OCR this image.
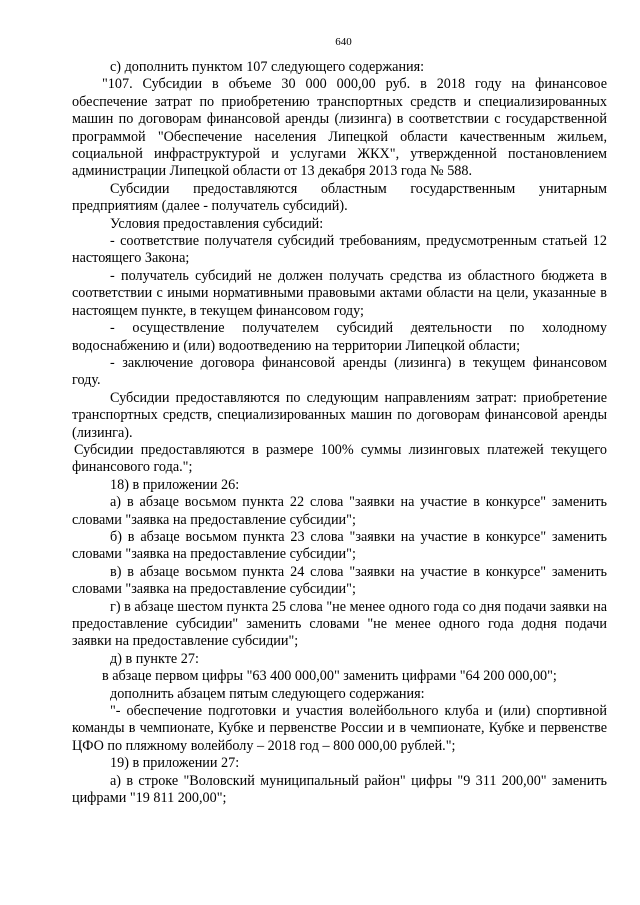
640

с) дополнить пунктом 107 следующего содержания:

"107. Субсидии в объеме 30 000 000,00 руб. в 2018 году на финансовое обеспечение затрат по приобретению транспортных средств и специализированных машин по договорам финансовой аренды (лизинга) в соответствии с государственной программой "Обеспечение населения Липецкой области качественным жильем, социальной инфраструктурой и услугами ЖКХ", утвержденной постановлением администрации Липецкой области от 13 декабря 2013 года № 588.

Субсидии предоставляются областным государственным унитарным предприятиям (далее - получатель субсидий).

Условия предоставления субсидий:

- соответствие получателя субсидий требованиям, предусмотренным статьей 12 настоящего Закона;

- получатель субсидий не должен получать средства из областного бюджета в соответствии с иными нормативными правовыми актами области на цели, указанные в настоящем пункте, в текущем финансовом году;

- осуществление получателем субсидий деятельности по холодному водоснабжению и (или) водоотведению на территории Липецкой области;

- заключение договора финансовой аренды (лизинга) в текущем финансовом году.

Субсидии предоставляются по следующим направлениям затрат: приобретение транспортных средств, специализированных машин по договорам финансовой аренды (лизинга).

Субсидии предоставляются в размере 100% суммы лизинговых платежей текущего финансового года.";

18) в приложении 26:

а) в абзаце восьмом пункта 22 слова "заявки на участие в конкурсе" заменить словами "заявка на предоставление субсидии";

б) в абзаце восьмом пункта 23 слова "заявки на участие в конкурсе" заменить словами "заявка на предоставление субсидии";

в) в абзаце восьмом пункта 24 слова "заявки на участие в конкурсе" заменить словами "заявка на предоставление субсидии";

г) в абзаце шестом пункта 25 слова "не менее одного года со дня подачи заявки на предоставление субсидии" заменить словами "не менее одного года додня подачи заявки на предоставление субсидии";

д) в пункте 27:

в абзаце первом цифры "63 400 000,00" заменить цифрами "64 200 000,00";

дополнить абзацем пятым следующего содержания:

"- обеспечение подготовки и участия волейбольного клуба и (или) спортивной команды в чемпионате, Кубке и первенстве России и в чемпионате, Кубке и первенстве ЦФО по пляжному волейболу – 2018 год – 800 000,00 рублей.";

19) в приложении 27:

а) в строке "Воловский муниципальный район" цифры "9 311 200,00" заменить цифрами "19 811 200,00";
